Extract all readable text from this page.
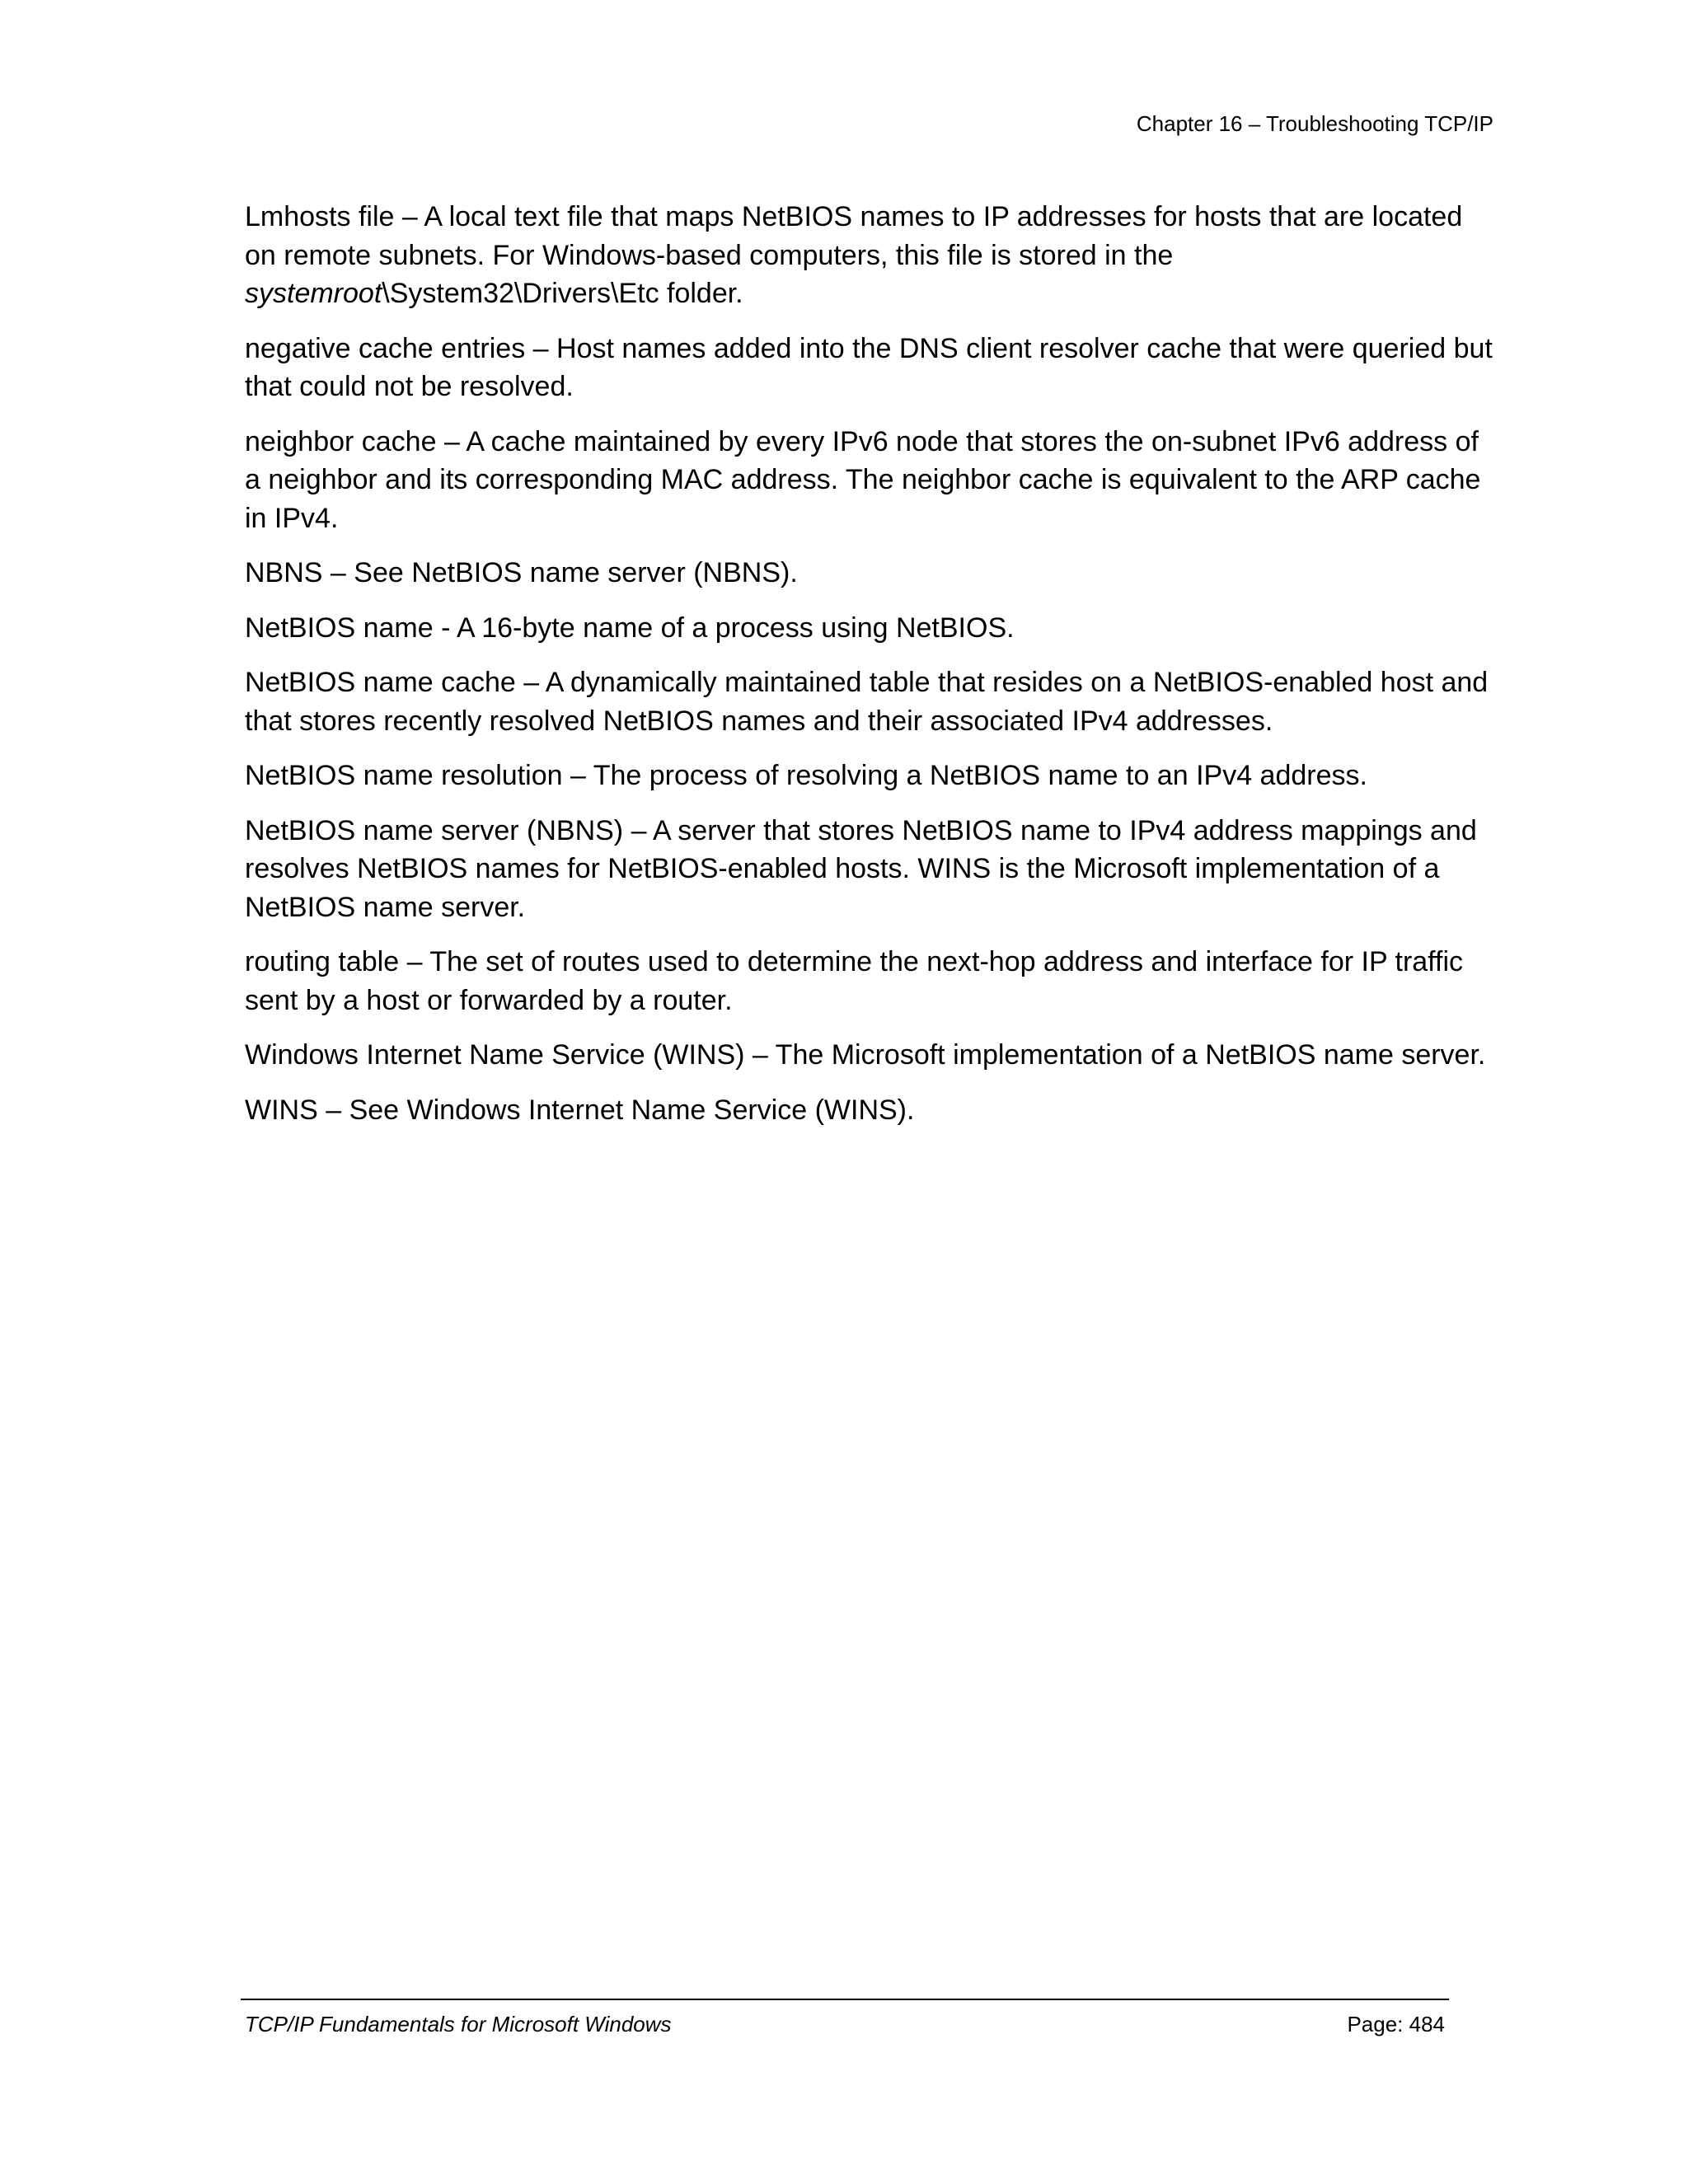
Chapter 16 – Troubleshooting TCP/IP

Lmhosts file – A local text file that maps NetBIOS names to IP addresses for hosts that are located on remote subnets. For Windows-based computers, this file is stored in the systemroot\System32\Drivers\Etc folder.

negative cache entries – Host names added into the DNS client resolver cache that were queried but that could not be resolved.

neighbor cache – A cache maintained by every IPv6 node that stores the on-subnet IPv6 address of a neighbor and its corresponding MAC address. The neighbor cache is equivalent to the ARP cache in IPv4.

NBNS – See NetBIOS name server (NBNS).

NetBIOS name - A 16-byte name of a process using NetBIOS.

NetBIOS name cache – A dynamically maintained table that resides on a NetBIOS-enabled host and that stores recently resolved NetBIOS names and their associated IPv4 addresses.

NetBIOS name resolution – The process of resolving a NetBIOS name to an IPv4 address.

NetBIOS name server (NBNS) – A server that stores NetBIOS name to IPv4 address mappings and resolves NetBIOS names for NetBIOS-enabled hosts. WINS is the Microsoft implementation of a NetBIOS name server.

routing table – The set of routes used to determine the next-hop address and interface for IP traffic sent by a host or forwarded by a router.

Windows Internet Name Service (WINS) – The Microsoft implementation of a NetBIOS name server.

WINS – See Windows Internet Name Service (WINS).

TCP/IP Fundamentals for Microsoft Windows	Page: 484
